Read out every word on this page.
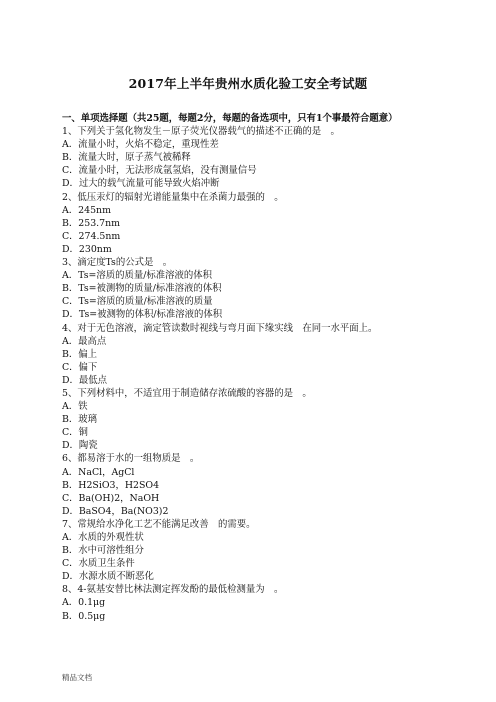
2017年上半年贵州水质化验工安全考试题

一、单项选择题（共25题，每题2分，每题的备选项中，只有1个事最符合题意）

1、下列关于氢化物发生－原子荧光仪器载气的描述不正确的是　。

A．流量小时，火焰不稳定，重现性差

B．流量大时，原子蒸气被稀释

C．流量小时，无法形成氩氢焰，没有测量信号

D．过大的载气流量可能导致火焰冲断

2、低压汞灯的辐射光谱能量集中在杀菌力最强的　。

A．245nm

B．253.7nm

C．274.5nm

D．230nm

3、滴定度Ts的公式是　。

A．Ts=溶质的质量/标准溶液的体积

B．Ts=被测物的质量/标准溶液的体积

C．Ts=溶质的质量/标准溶液的质量

D．Ts=被测物的体积/标准溶液的体积

4、对于无色溶液，滴定管读数时视线与弯月面下缘实线　在同一水平面上。

A．最高点

B．偏上

C．偏下

D．最低点

5、下列材料中，不适宜用于制造储存浓硫酸的容器的是　。

A．铁

B．玻璃

C．铜

D．陶瓷

6、都易溶于水的一组物质是　。

A．NaCl，AgCl

B．H2SiO3，H2SO4

C．Ba(OH)2，NaOH

D．BaSO4，Ba(NO3)2

7、常规给水净化工艺不能满足改善　的需要。

A．水质的外观性状

B．水中可溶性组分

C．水质卫生条件

D．水源水质不断恶化

8、4-氨基安替比林法测定挥发酚的最低检测量为　。

A．0.1μg

B．0.5μg

精品文档
